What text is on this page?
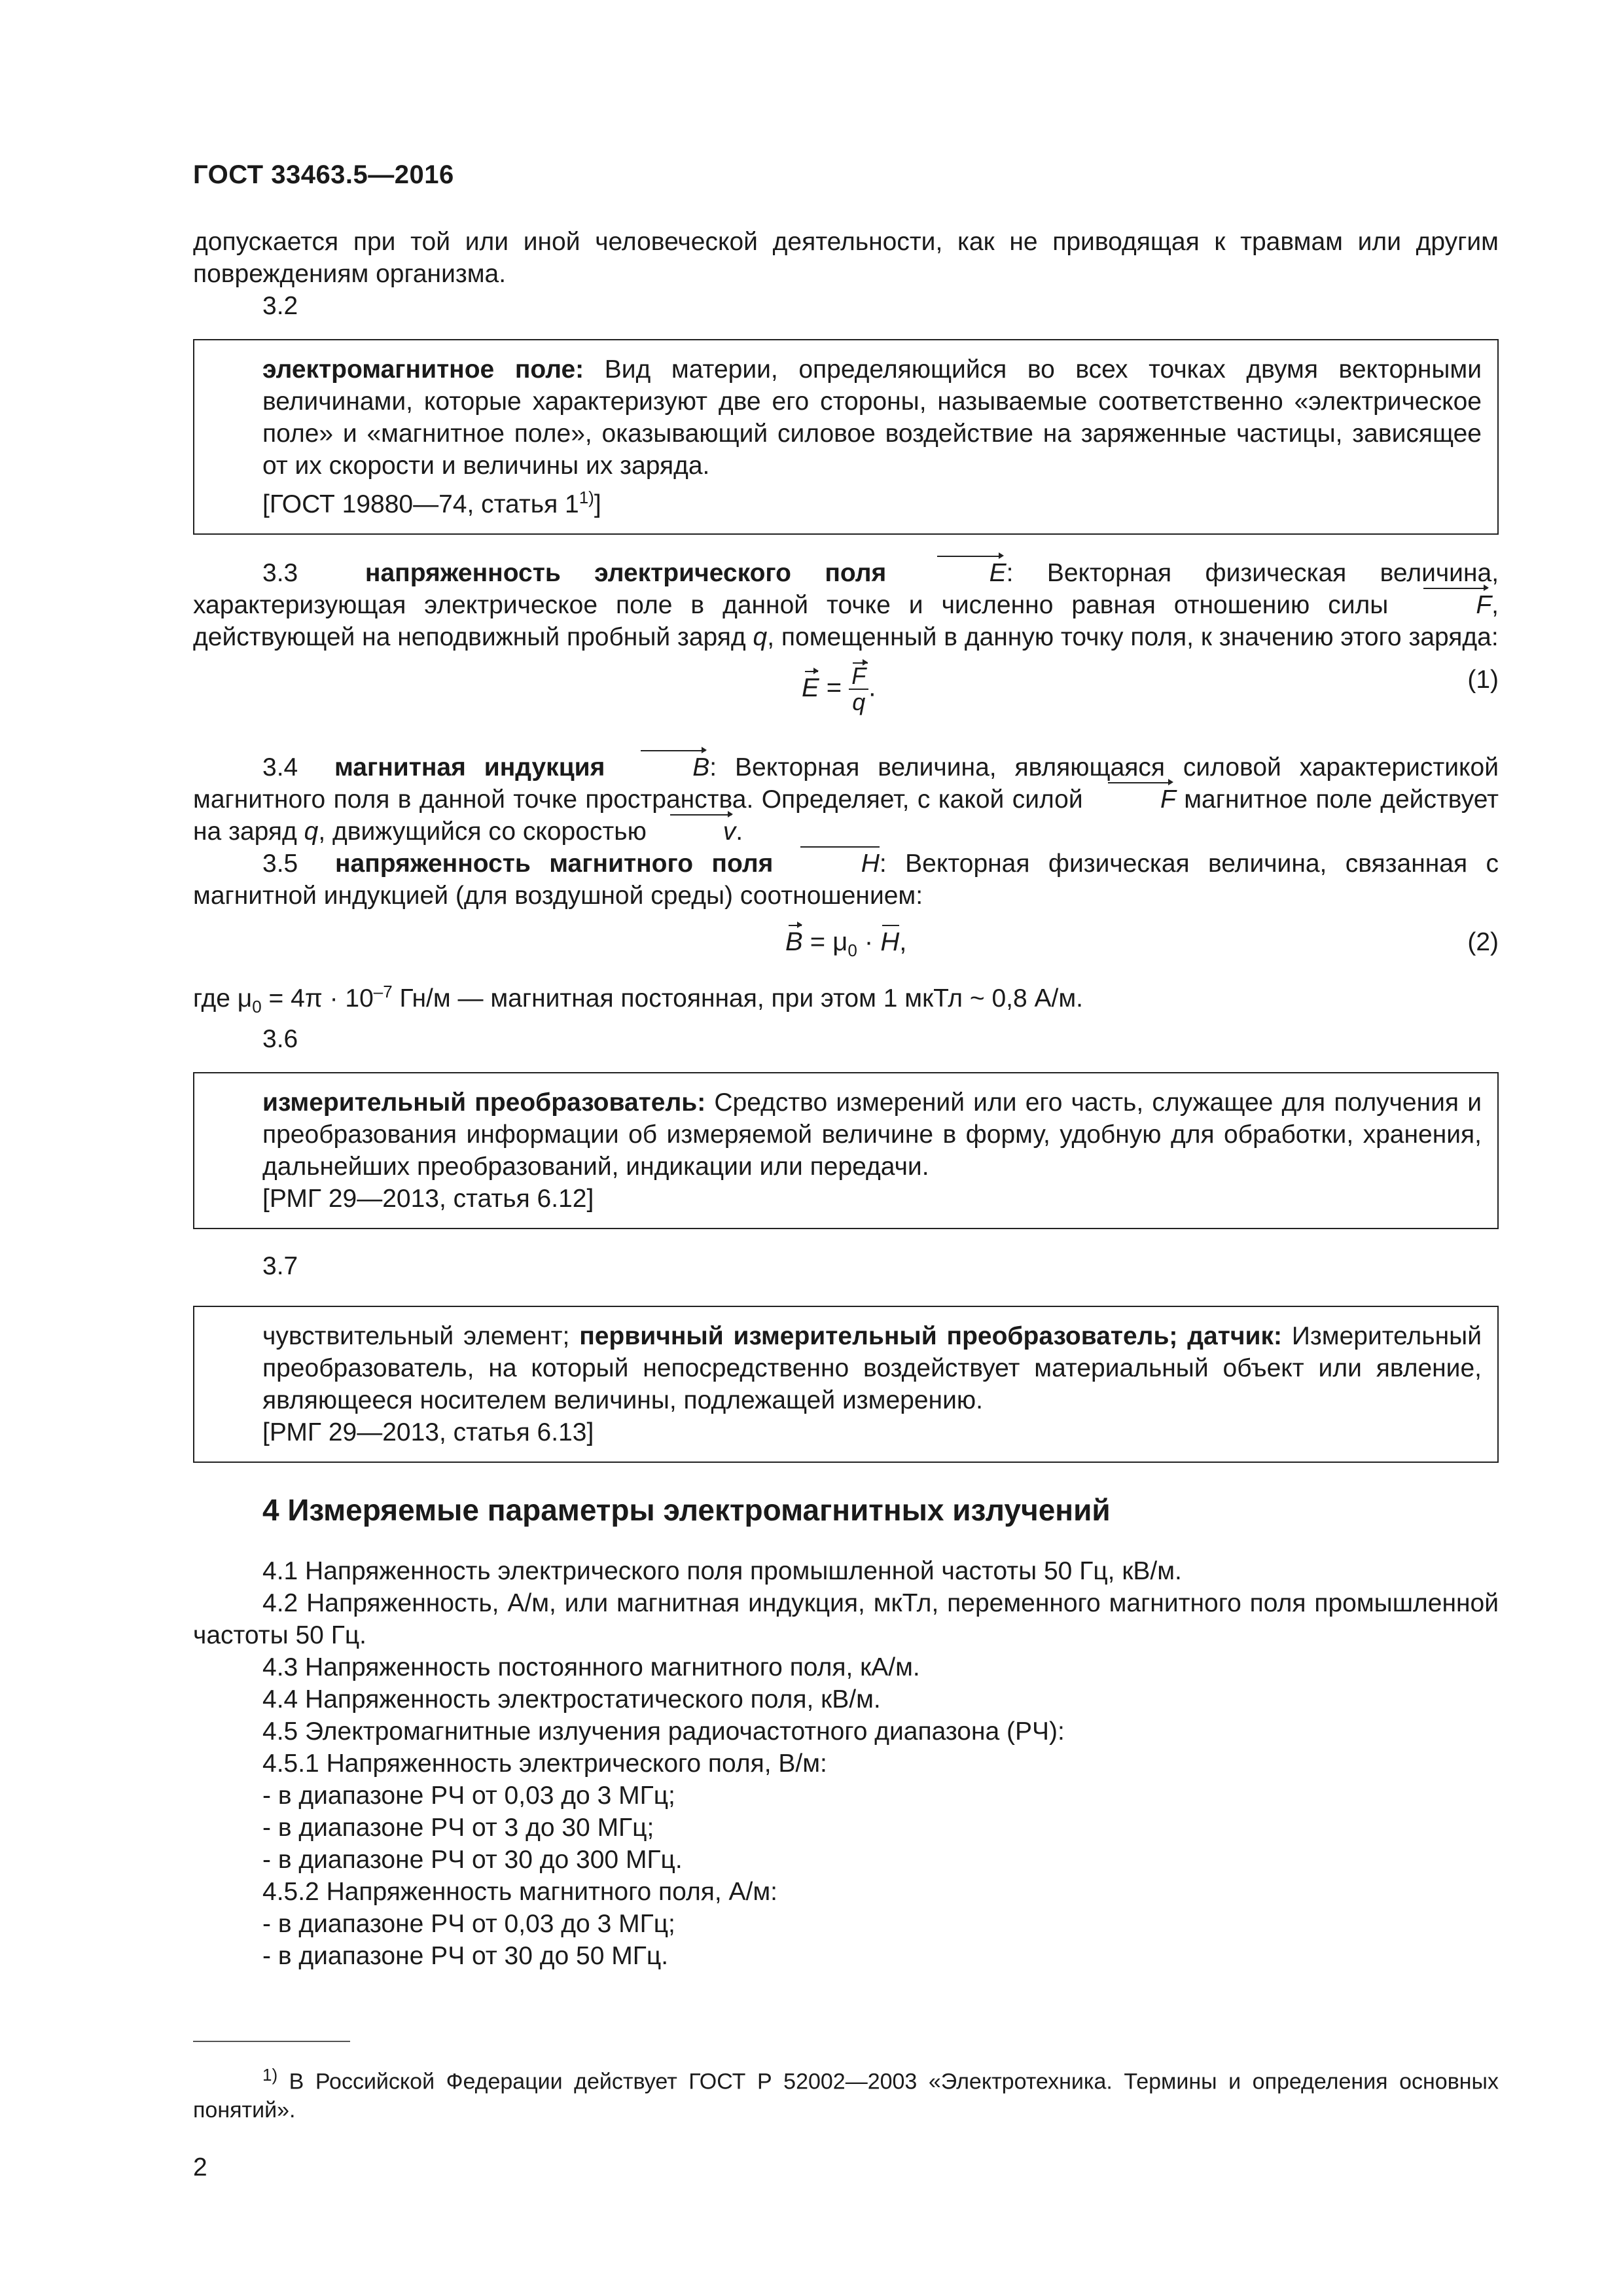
ГОСТ 33463.5—2016

допускается при той или иной человеческой деятельности, как не приводящая к травмам или другим повреждениям организма.

3.2

электромагнитное поле: Вид материи, определяющийся во всех точках двумя векторными величинами, которые характеризуют две его стороны, называемые соответственно «электрическое поле» и «магнитное поле», оказывающий силовое воздействие на заряженные частицы, зависящее от их скорости и величины их заряда.

[ГОСТ 19880—74, статья 1$^{1)}$]

3.3	напряженность электрического поля	E: Векторная физическая величина, характеризующая электрическое поле в данной точке и численно равная отношению силы	F, действующей на неподвижный пробный заряд q, помещенный в данную точку поля, к значению этого заряда:

$E = \frac{F}{q}$ .	(1)

3.4 магнитная индукция	B: Векторная величина, являющаяся силовой характеристикой магнитного поля в данной точке пространства. Определяет, с какой силой	F магнитное поле действует на заряд q, движущийся со скоростью	v.

3.5 напряженность магнитного поля	H: Векторная физическая величина, связанная с магнитной индукцией (для воздушной среды) соотношением:

$B = \mu_0 \cdot H$,	(2)

где $\mu_0 = 4\pi \cdot 10^{-7}$ Гн/м — магнитная постоянная, при этом 1 мкТл ~ 0,8 А/м.

3.6

измерительный преобразователь: Средство измерений или его часть, служащее для получения и преобразования информации об измеряемой величине в форму, удобную для обработки, хранения, дальнейших преобразований, индикации или передачи.

[РМГ 29—2013, статья 6.12]
3.7

чувствительный элемент; первичный измерительный преобразователь; датчик: Измерительный преобразователь, на который непосредственно воздействует материальный объект или явление, являющееся носителем величины, подлежащей измерению.

[РМГ 29—2013, статья 6.13]
4 Измеряемые параметры электромагнитных излучений

4.1 Напряженность электрического поля промышленной частоты 50 Гц, кВ/м.

4.2 Напряженность, А/м, или магнитная индукция, мкТл, переменного магнитного поля промышленной частоты 50 Гц.

4.3 Напряженность постоянного магнитного поля, кА/м.

4.4 Напряженность электростатического поля, кВ/м.

4.5 Электромагнитные излучения радиочастотного диапазона (РЧ):

4.5.1 Напряженность электрического поля, В/м:

- в диапазоне РЧ от 0,03 до 3 МГц;
- в диапазоне РЧ от 3 до 30 МГц;
- в диапазоне РЧ от 30 до 300 МГц.

4.5.2 Напряженность магнитного поля, А/м:

- в диапазоне РЧ от 0,03 до 3 МГц;
- в диапазоне РЧ от 30 до 50 МГц.

$^{1)}$ В Российской Федерации действует ГОСТ Р 52002—2003 «Электротехника. Термины и определения основных понятий».

2
